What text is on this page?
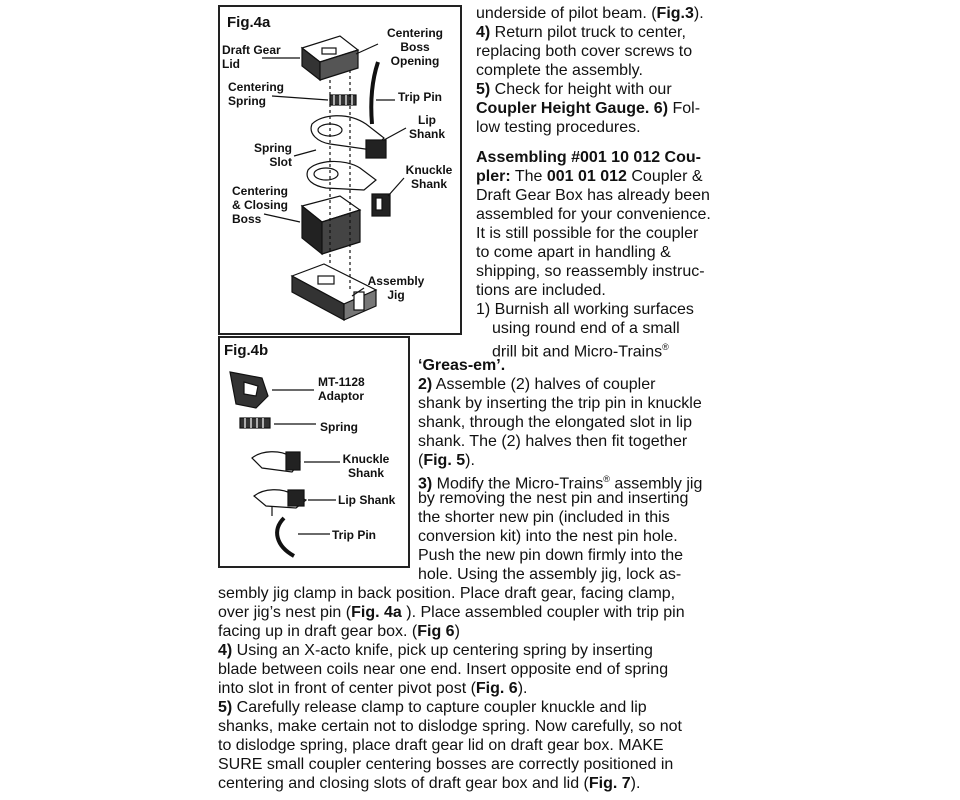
Fig.4a
Draft Gear
Lid
Centering
Boss
Opening
Centering
Spring	Trip Pin
Lip
Shank
Spring
Slot
Knuckle
Shank
Centering
& Closing
Boss
Assembly
Jig
Fig.4b
MT-1128
Adaptor
Spring
Knuckle
Shank
Lip Shank
Trip Pin
underside of pilot beam. (Fig.3).
4) Return pilot truck to center,
replacing both cover screws to
complete the assembly.
5) Check for height with our
Coupler Height Gauge. 6) Fol-
low testing procedures.
Assembling #001 10 012 Cou-
pler: The 001 01 012 Coupler &
Draft Gear Box has already been
assembled for your convenience.
It is still possible for the coupler
to come apart in handling &
shipping, so reassembly instruc-
tions are included.
1) Burnish all working surfaces
using round end of a small
drill bit and Micro-Trains®
‘Greas-em’.
2) Assemble (2) halves of coupler
shank by inserting the trip pin in knuckle
shank, through the elongated slot in lip
shank. The (2) halves then fit together
(Fig. 5).
3) Modify the Micro-Trains® assembly jig
by removing the nest pin and inserting
the shorter new pin (included in this
conversion kit) into the nest pin hole.
Push the new pin down firmly into the
hole. Using the assembly jig, lock as-
sembly jig clamp in back position. Place draft gear, facing clamp,
over jig’s nest pin (Fig. 4a ). Place assembled coupler with trip pin
facing up in draft gear box. (Fig 6)
4) Using an X-acto knife, pick up centering spring by inserting
blade between coils near one end. Insert opposite end of spring
into slot in front of center pivot post (Fig. 6).
5) Carefully release clamp to capture coupler knuckle and lip
shanks, make certain not to dislodge spring. Now carefully, so not
to dislodge spring, place draft gear lid on draft gear box. MAKE
SURE small coupler centering bosses are correctly positioned in
centering and closing slots of draft gear box and lid (Fig. 7).
